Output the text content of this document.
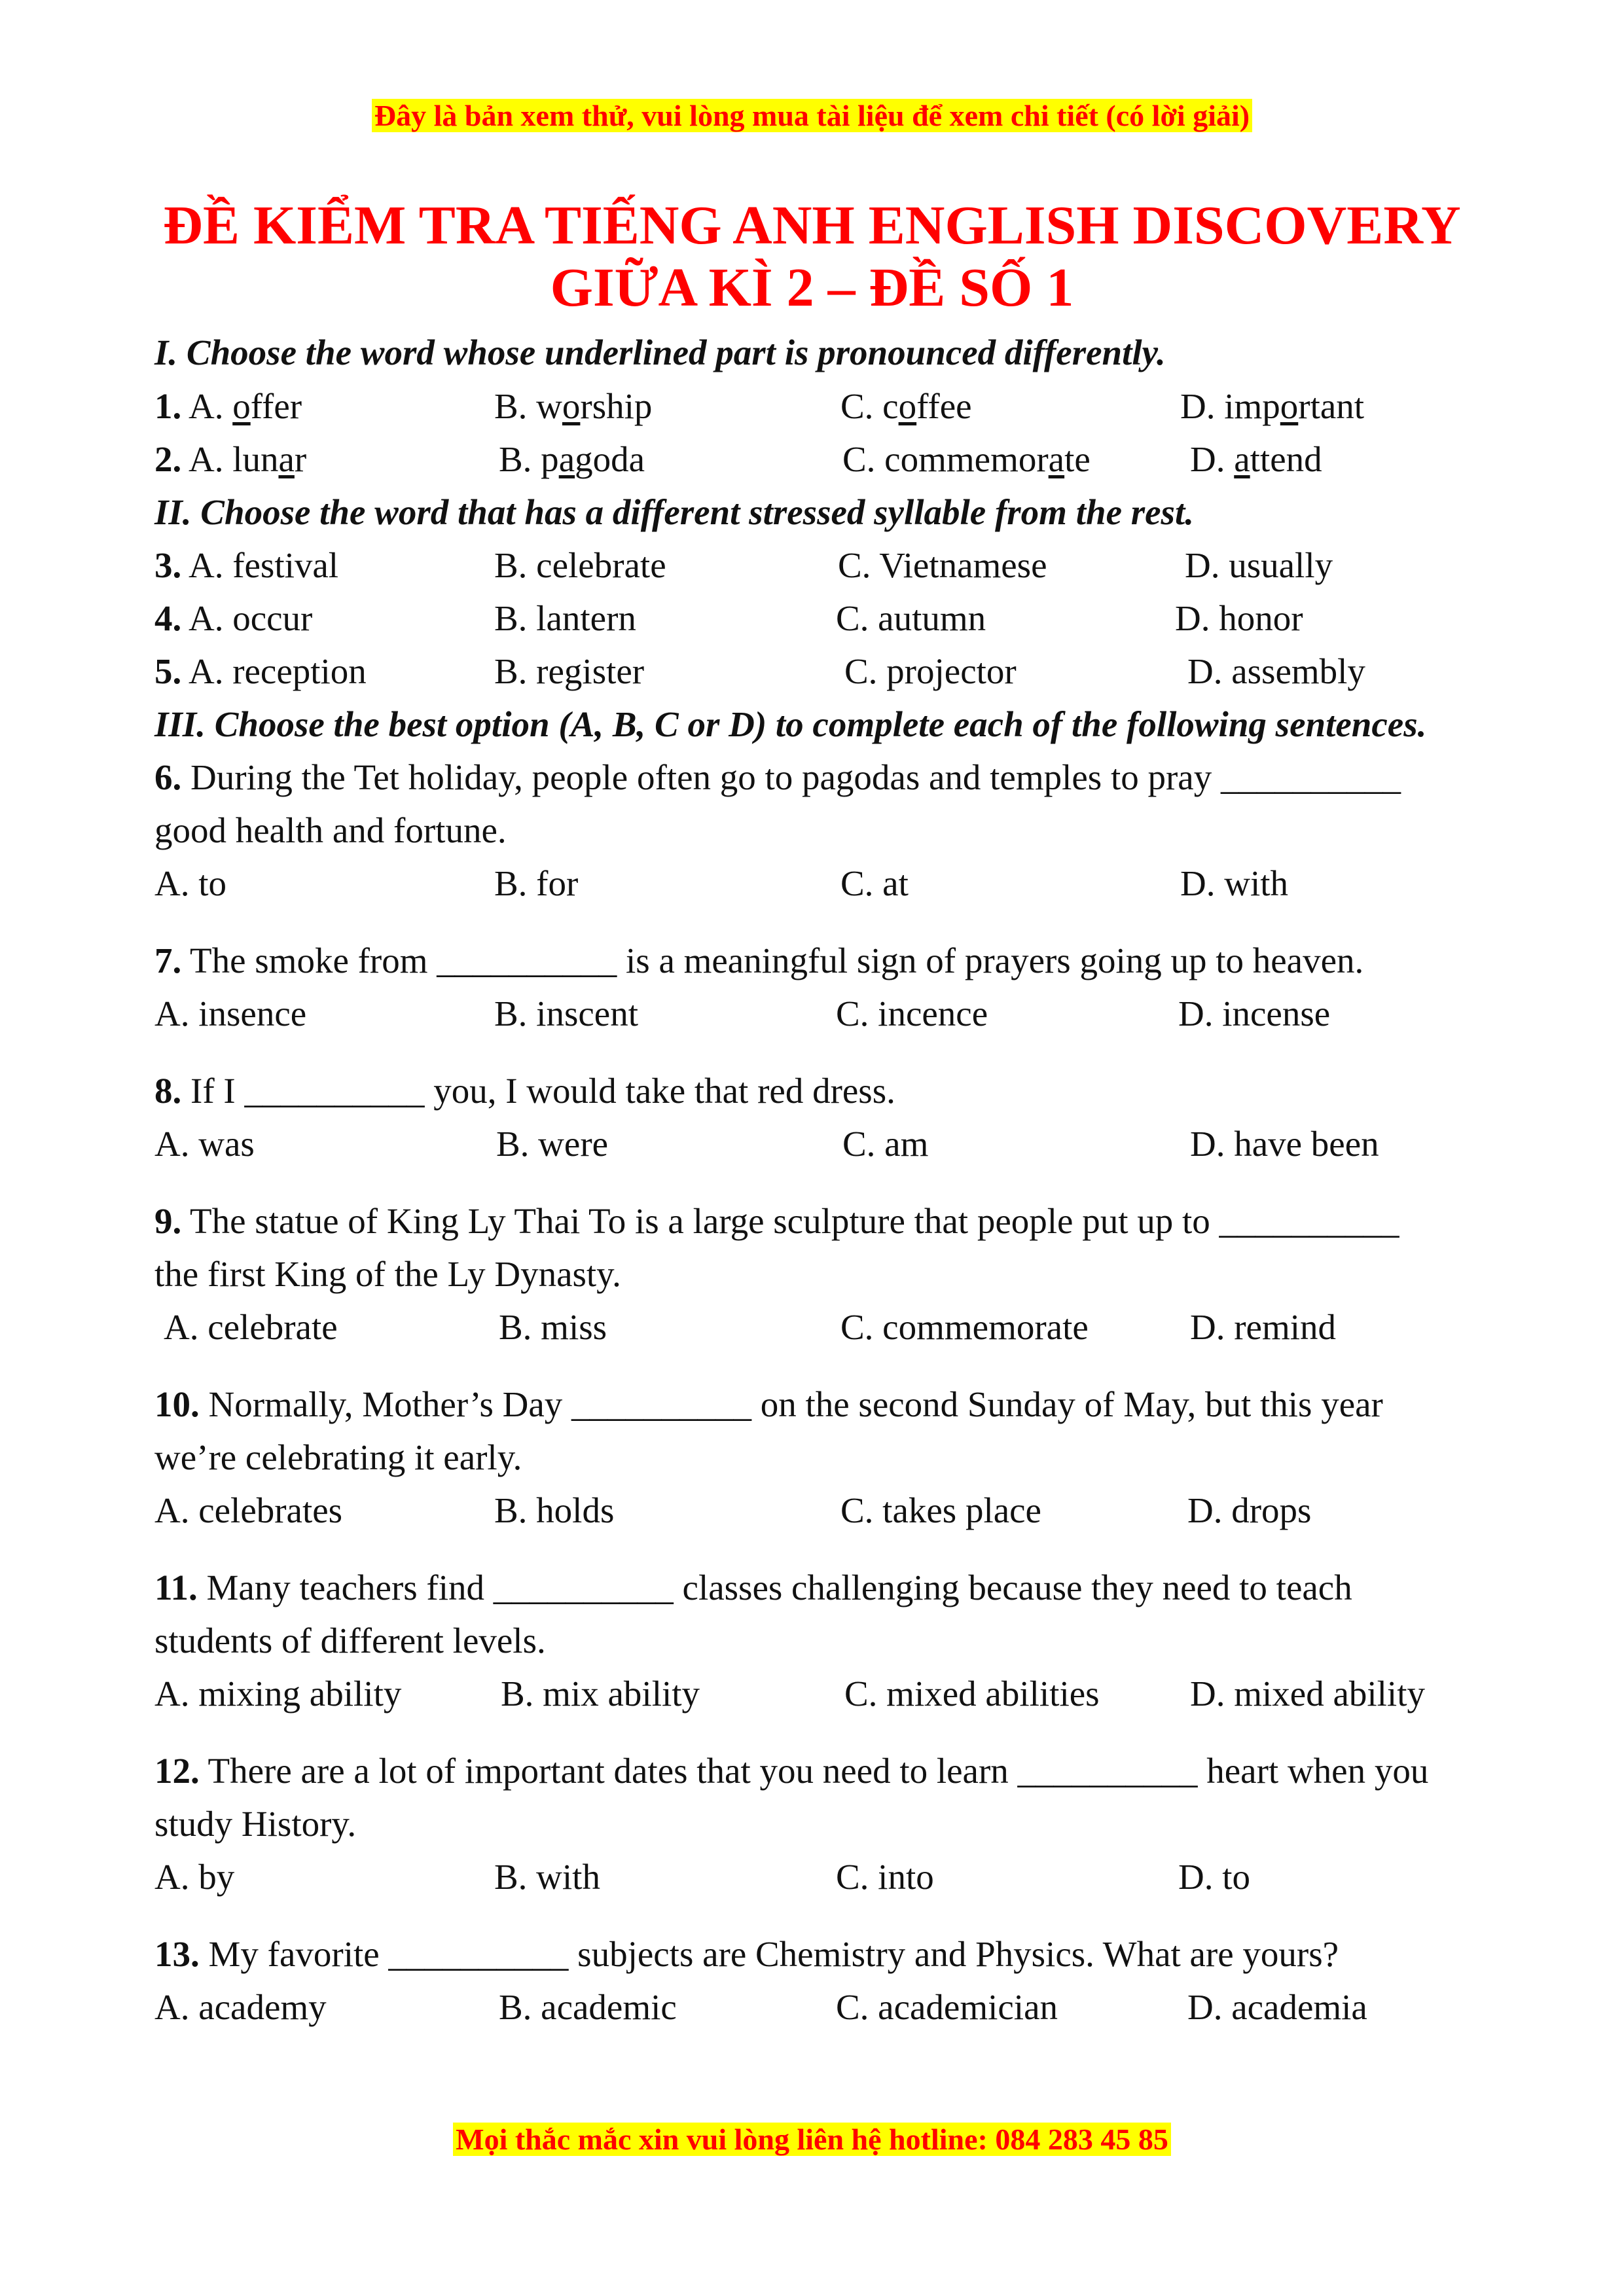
Đây là bản xem thử, vui lòng mua tài liệu để xem chi tiết (có lời giải)
ĐỀ KIỂM TRA TIẾNG ANH ENGLISH DISCOVERY
GIỮA KÌ 2 – ĐỀ SỐ 1
I. Choose the word whose underlined part is pronounced differently.
1. A. offer	B. worship	C. coffee	D. important
2. A. lunar	B. pagoda	C. commemorate	D. attend
II. Choose the word that has a different stressed syllable from the rest.
3. A. festival	B. celebrate	C. Vietnamese	D. usually
4. A. occur	B. lantern	C. autumn	D. honor
5. A. reception	B. register	C. projector	D. assembly
III. Choose the best option (A, B, C or D) to complete each of the following sentences.
6. During the Tet holiday, people often go to pagodas and temples to pray __________
good health and fortune.
A. to	B. for	C. at	D. with
7. The smoke from __________ is a meaningful sign of prayers going up to heaven.
A. insence	B. inscent	C. incence	D. incense
8. If I __________ you, I would take that red dress.
A. was	B. were	C. am	D. have been
9. The statue of King Ly Thai To is a large sculpture that people put up to __________
the first King of the Ly Dynasty.
A. celebrate	B. miss	C. commemorate	D. remind
10. Normally, Mother’s Day __________ on the second Sunday of May, but this year
we’re celebrating it early.
A. celebrates	B. holds	C. takes place	D. drops
11. Many teachers find __________ classes challenging because they need to teach
students of different levels.
A. mixing ability	B. mix ability	C. mixed abilities	D. mixed ability
12. There are a lot of important dates that you need to learn __________ heart when you
study History.
A. by	B. with	C. into	D. to
13. My favorite __________ subjects are Chemistry and Physics. What are yours?
A. academy	B. academic	C. academician	D. academia
Mọi thắc mắc xin vui lòng liên hệ hotline: 084 283 45 85
